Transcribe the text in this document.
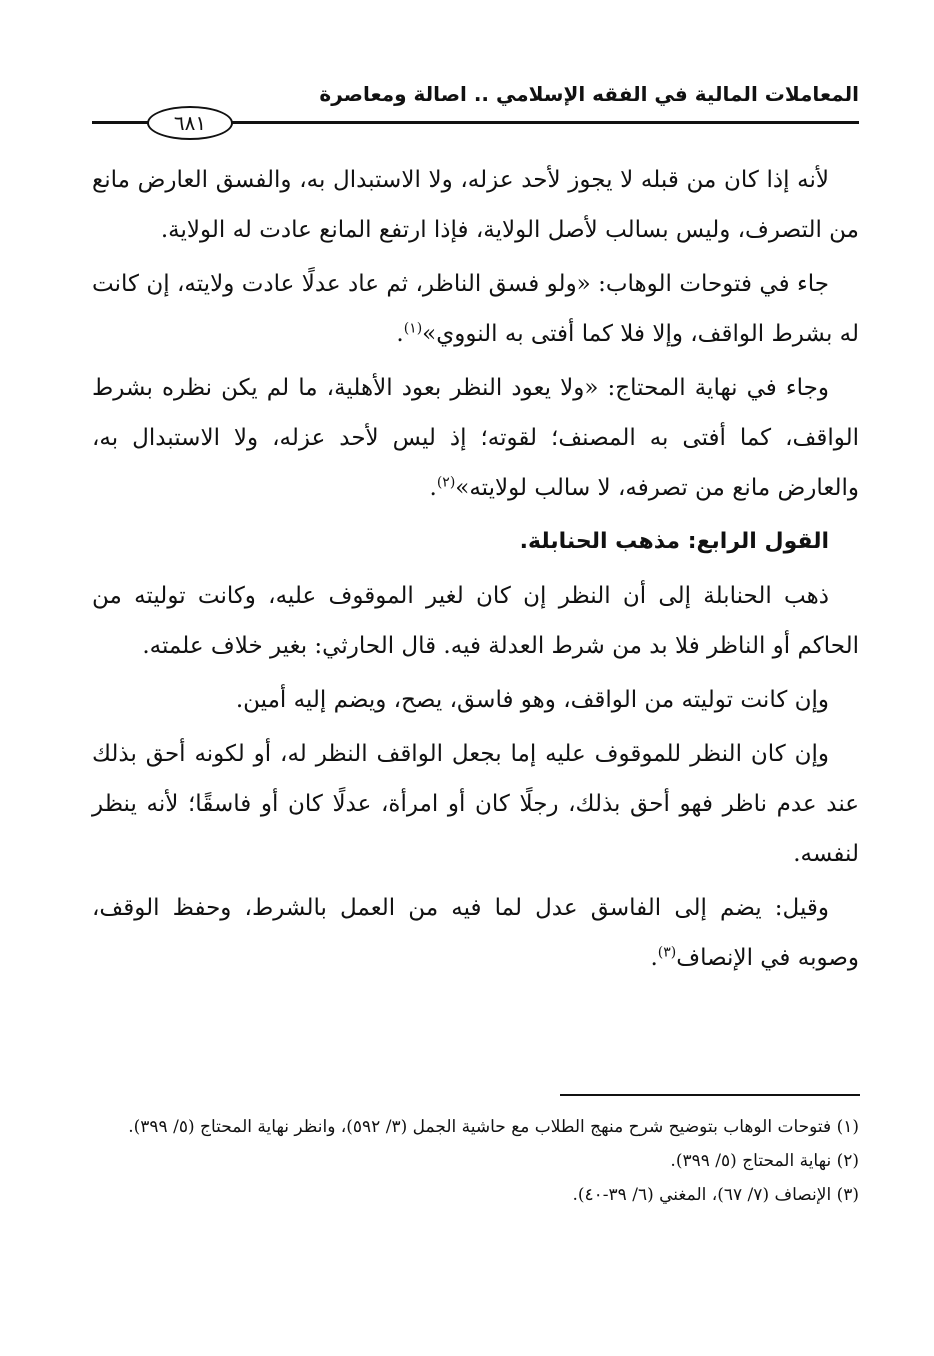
المعاملات المالية في الفقه الإسلامي .. اصالة ومعاصرة
٦٨١

لأنه إذا كان من قبله لا يجوز لأحد عزله، ولا الاستبدال به، والفسق العارض مانع من التصرف، وليس بسالب لأصل الولاية، فإذا ارتفع المانع عادت له الولاية.

جاء في فتوحات الوهاب: «ولو فسق الناظر، ثم عاد عدلًا عادت ولايته، إن كانت له بشرط الواقف، وإلا فلا كما أفتى به النووي»$^{(١)}$.

وجاء في نهاية المحتاج: «ولا يعود النظر بعود الأهلية، ما لم يكن نظره بشرط الواقف، كما أفتى به المصنف؛ لقوته؛ إذ ليس لأحد عزله، ولا الاستبدال به، والعارض مانع من تصرفه، لا سالب لولايته»$^{(٢)}$.

القول الرابع: مذهب الحنابلة.

ذهب الحنابلة إلى أن النظر إن كان لغير الموقوف عليه، وكانت توليته من الحاكم أو الناظر فلا بد من شرط العدلة فيه. قال الحارثي: بغير خلاف علمته.

وإن كانت توليته من الواقف، وهو فاسق، يصح، ويضم إليه أمين.

وإن كان النظر للموقوف عليه إما بجعل الواقف النظر له، أو لكونه أحق بذلك عند عدم ناظر فهو أحق بذلك، رجلًا كان أو امرأة، عدلًا كان أو فاسقًا؛ لأنه ينظر لنفسه.

وقيل: يضم إلى الفاسق عدل لما فيه من العمل بالشرط، وحفظ الوقف، وصوبه في الإنصاف$^{(٣)}$.

(١) فتوحات الوهاب بتوضيح شرح منهج الطلاب مع حاشية الجمل (٣/ ٥٩٢)، وانظر نهاية المحتاج (٥/ ٣٩٩).

(٢) نهاية المحتاج (٥/ ٣٩٩).

(٣) الإنصاف (٧/ ٦٧)، المغني (٦/ ٣٩-٤٠).
